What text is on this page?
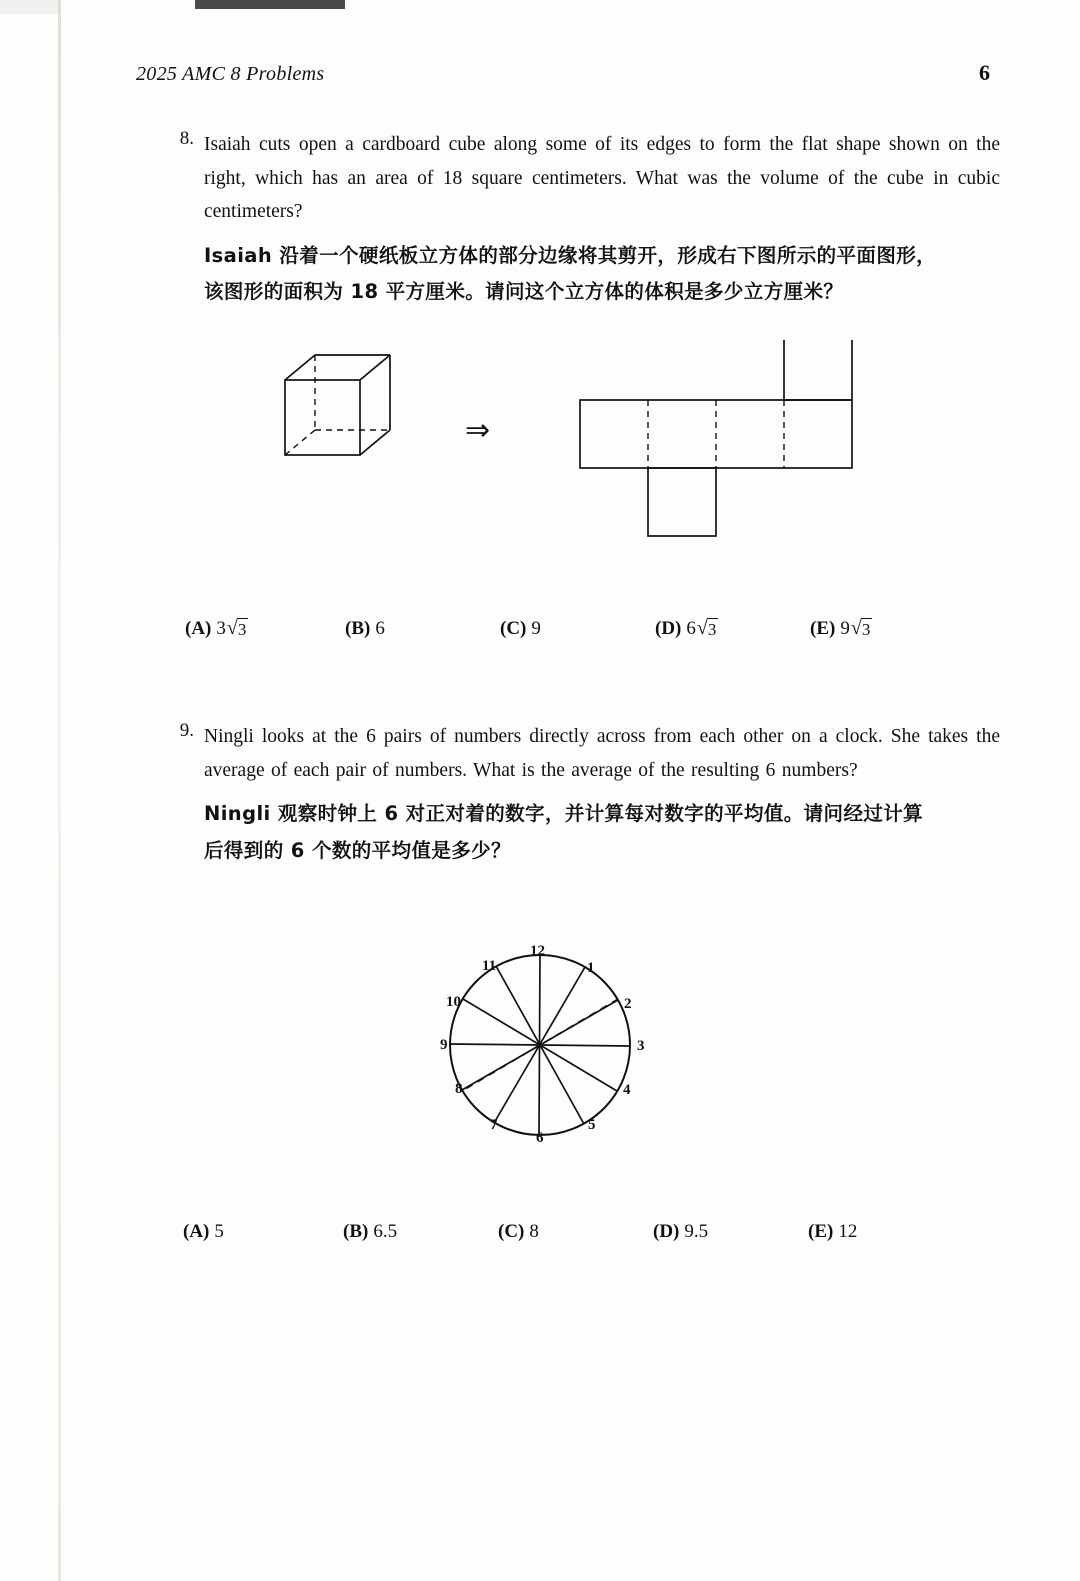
2025 AMC 8 Problems	6
8. Isaiah cuts open a cardboard cube along some of its edges to form the flat shape shown on the right, which has an area of 18 square centimeters. What was the volume of the cube in cubic centimeters?
Isaiah 沿着一个硬纸板立方体的部分边缘将其剪开，形成右下图所示的平面图形，
该图形的面积为 18 平方厘米。请问这个立方体的体积是多少立方厘米？
⇒
(A) 3 √ 3	(B) 6	(C) 9	(D) 6 √ 3	(E) 9 √ 3
9. Ningli looks at the 6 pairs of numbers directly across from each other on a clock. She takes the average of each pair of numbers. What is the average of the resulting 6 numbers?
Ningli 观察时钟上 6 对正对着的数字，并计算每对数字的平均值。请问经过计算
后得到的 6 个数的平均值是多少？
1
2
3
4
5
6
7
8
9
10
11
12
(A) 5	(B) 6.5	(C) 8	(D) 9.5	(E) 12
